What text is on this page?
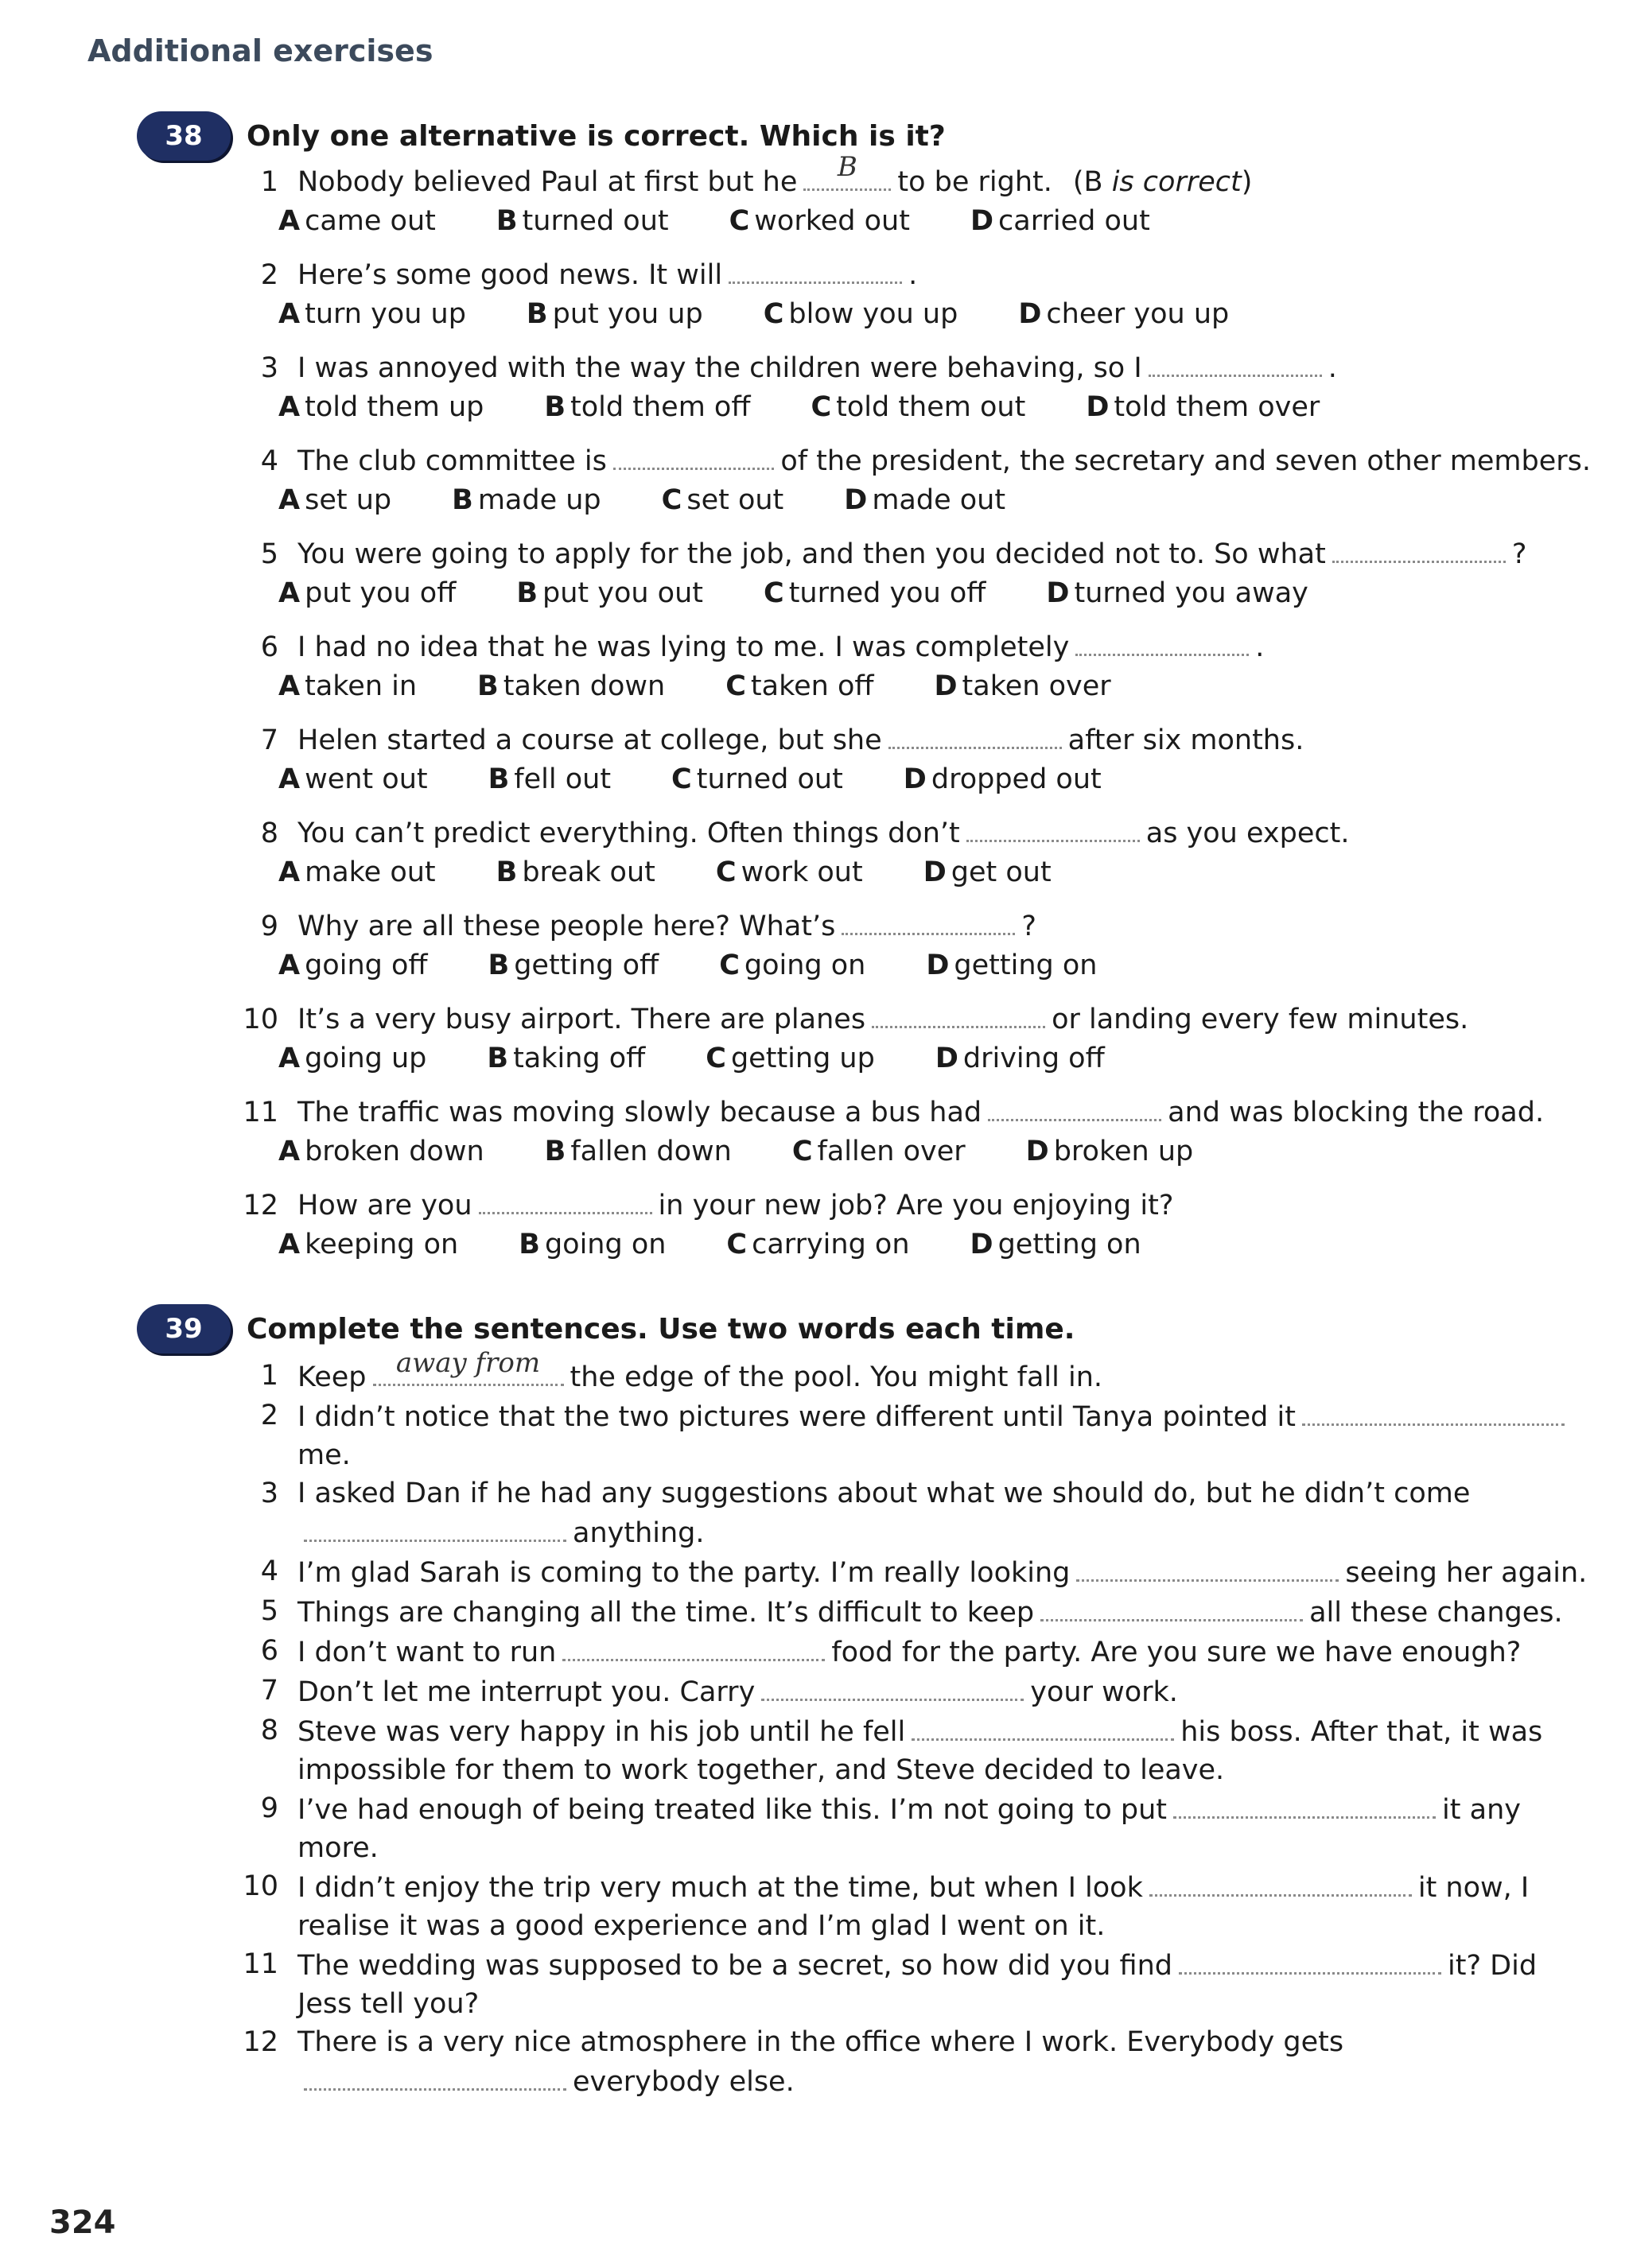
Additional exercises
38	Only one alternative is correct. Which is it?
1 Nobody believed Paul at first but he	B	to be right. (B is correct)
A came out B turned out C worked out D carried out
2 Here’s some good news. It will	.
A turn you up B put you up C blow you up D cheer you up
3 I was annoyed with the way the children were behaving, so I	.
A told them up B told them off C told them out D told them over
4 The club committee is	of the president, the secretary and seven other members.
A set up B made up C set out D made out
5 You were going to apply for the job, and then you decided not to. So what	?
A put you off B put you out C turned you off D turned you away
6 I had no idea that he was lying to me. I was completely	.
A taken in B taken down C taken off D taken over
7 Helen started a course at college, but she	after six months.
A went out B fell out C turned out D dropped out
8 You can’t predict everything. Often things don’t	as you expect.
A make out B break out C work out D get out
9 Why are all these people here? What’s	?
A going off B getting off C going on D getting on
10 It’s a very busy airport. There are planes	or landing every few minutes.
A going up B taking off C getting up D driving off
11 The traffic was moving slowly because a bus had	and was blocking the road.
A broken down B fallen down C fallen over D broken up
12 How are you	in your new job? Are you enjoying it?
A keeping on B going on C carrying on D getting on
39	Complete the sentences. Use two words each time.
1 Keep	away from	the edge of the pool. You might fall in.
2 I didn’t notice that the two pictures were different until Tanya pointed itme.
3 I asked Dan if he had any suggestions about what we should do, but he didn’t comeanything.
4 I’m glad Sarah is coming to the party. I’m really looking	seeing her again.
5 Things are changing all the time. It’s difficult to keep	all these changes.
6 I don’t want to run	food for the party. Are you sure we have enough?
7 Don’t let me interrupt you. Carry	your work.
8 Steve was very happy in his job until he fell	his boss. After that, it was impossible for them to work together, and Steve decided to leave.
9 I’ve had enough of being treated like this. I’m not going to put	it any more.
10 I didn’t enjoy the trip very much at the time, but when I look	it now, I realise it was a good experience and I’m glad I went on it.
11 The wedding was supposed to be a secret, so how did you find	it? Did Jess tell you?
12 There is a very nice atmosphere in the office where I work. Everybody getseverybody else.
324
